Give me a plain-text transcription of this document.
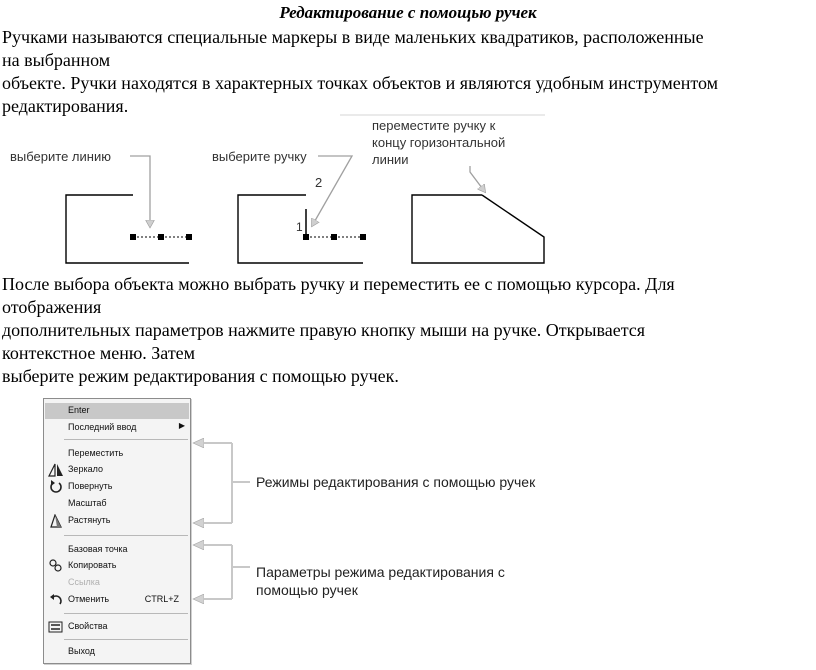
Редактирование с помощью ручек
Ручками называются специальные маркеры в виде маленьких квадратиков, расположенные
на выбранном
объекте. Ручки находятся в характерных точках объектов и являются удобным инструментом
редактирования.
выберите линию	выберите ручку
1
2
переместите ручку к
концу горизонтальной
линии
После выбора объекта можно выбрать ручку и переместить ее с помощью курсора. Для
отображения
дополнительных параметров нажмите правую кнопку мыши на ручке. Открывается
контекстное меню. Затем
выберите режим редактирования с помощью ручек.
Enter
Последний ввод	▶
Переместить
Зеркало
Повернуть
Масштаб
Растянуть
Базовая точка
Копировать
Ссылка
Отменить	CTRL+Z
Свойства
Выход
Режимы редактирования с помощью ручек
Параметры режима редактирования с
помощью ручек
